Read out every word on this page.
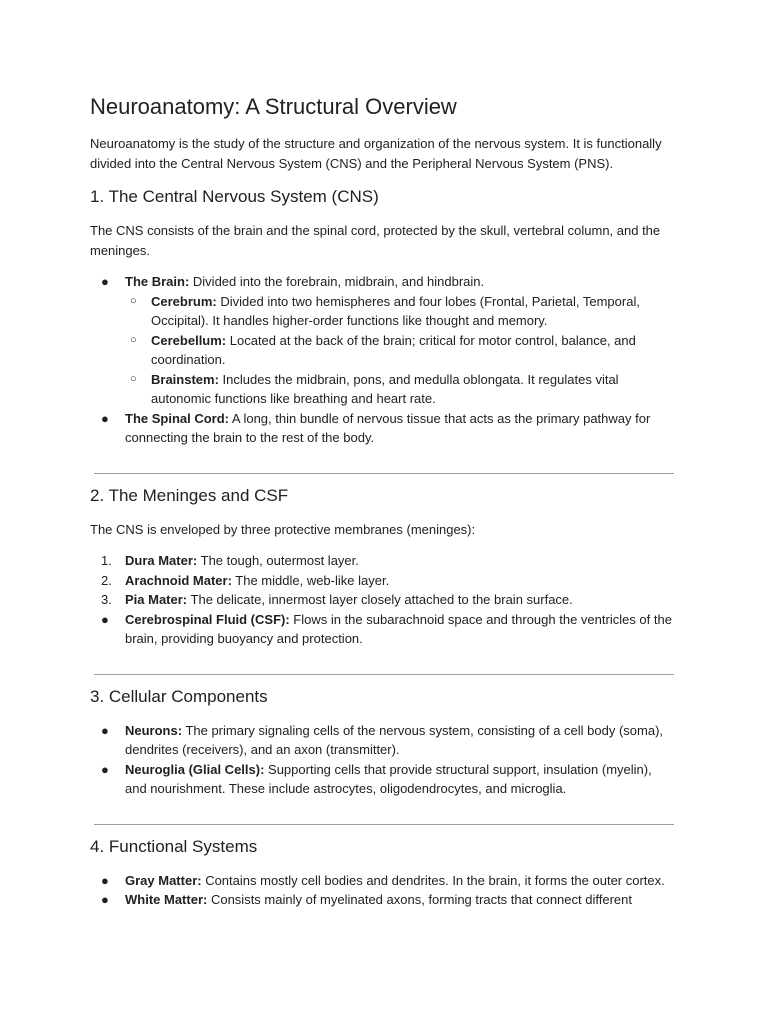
Neuroanatomy: A Structural Overview

Neuroanatomy is the study of the structure and organization of the nervous system. It is functionally divided into the Central Nervous System (CNS) and the Peripheral Nervous System (PNS).

1. The Central Nervous System (CNS)

The CNS consists of the brain and the spinal cord, protected by the skull, vertebral column, and the meninges.

● The Brain: Divided into the forebrain, midbrain, and hindbrain.
○ Cerebrum: Divided into two hemispheres and four lobes (Frontal, Parietal, Temporal, Occipital). It handles higher-order functions like thought and memory.
○ Cerebellum: Located at the back of the brain; critical for motor control, balance, and coordination.
○ Brainstem: Includes the midbrain, pons, and medulla oblongata. It regulates vital autonomic functions like breathing and heart rate.
● The Spinal Cord: A long, thin bundle of nervous tissue that acts as the primary pathway for connecting the brain to the rest of the body.
2. The Meninges and CSF

The CNS is enveloped by three protective membranes (meninges):

1. Dura Mater: The tough, outermost layer.
2. Arachnoid Mater: The middle, web-like layer.
3. Pia Mater: The delicate, innermost layer closely attached to the brain surface.
● Cerebrospinal Fluid (CSF): Flows in the subarachnoid space and through the ventricles of the brain, providing buoyancy and protection.
3. Cellular Components
● Neurons: The primary signaling cells of the nervous system, consisting of a cell body (soma), dendrites (receivers), and an axon (transmitter).
● Neuroglia (Glial Cells): Supporting cells that provide structural support, insulation (myelin), and nourishment. These include astrocytes, oligodendrocytes, and microglia.
4. Functional Systems
● Gray Matter: Contains mostly cell bodies and dendrites. In the brain, it forms the outer cortex.
● White Matter: Consists mainly of myelinated axons, forming tracts that connect different
